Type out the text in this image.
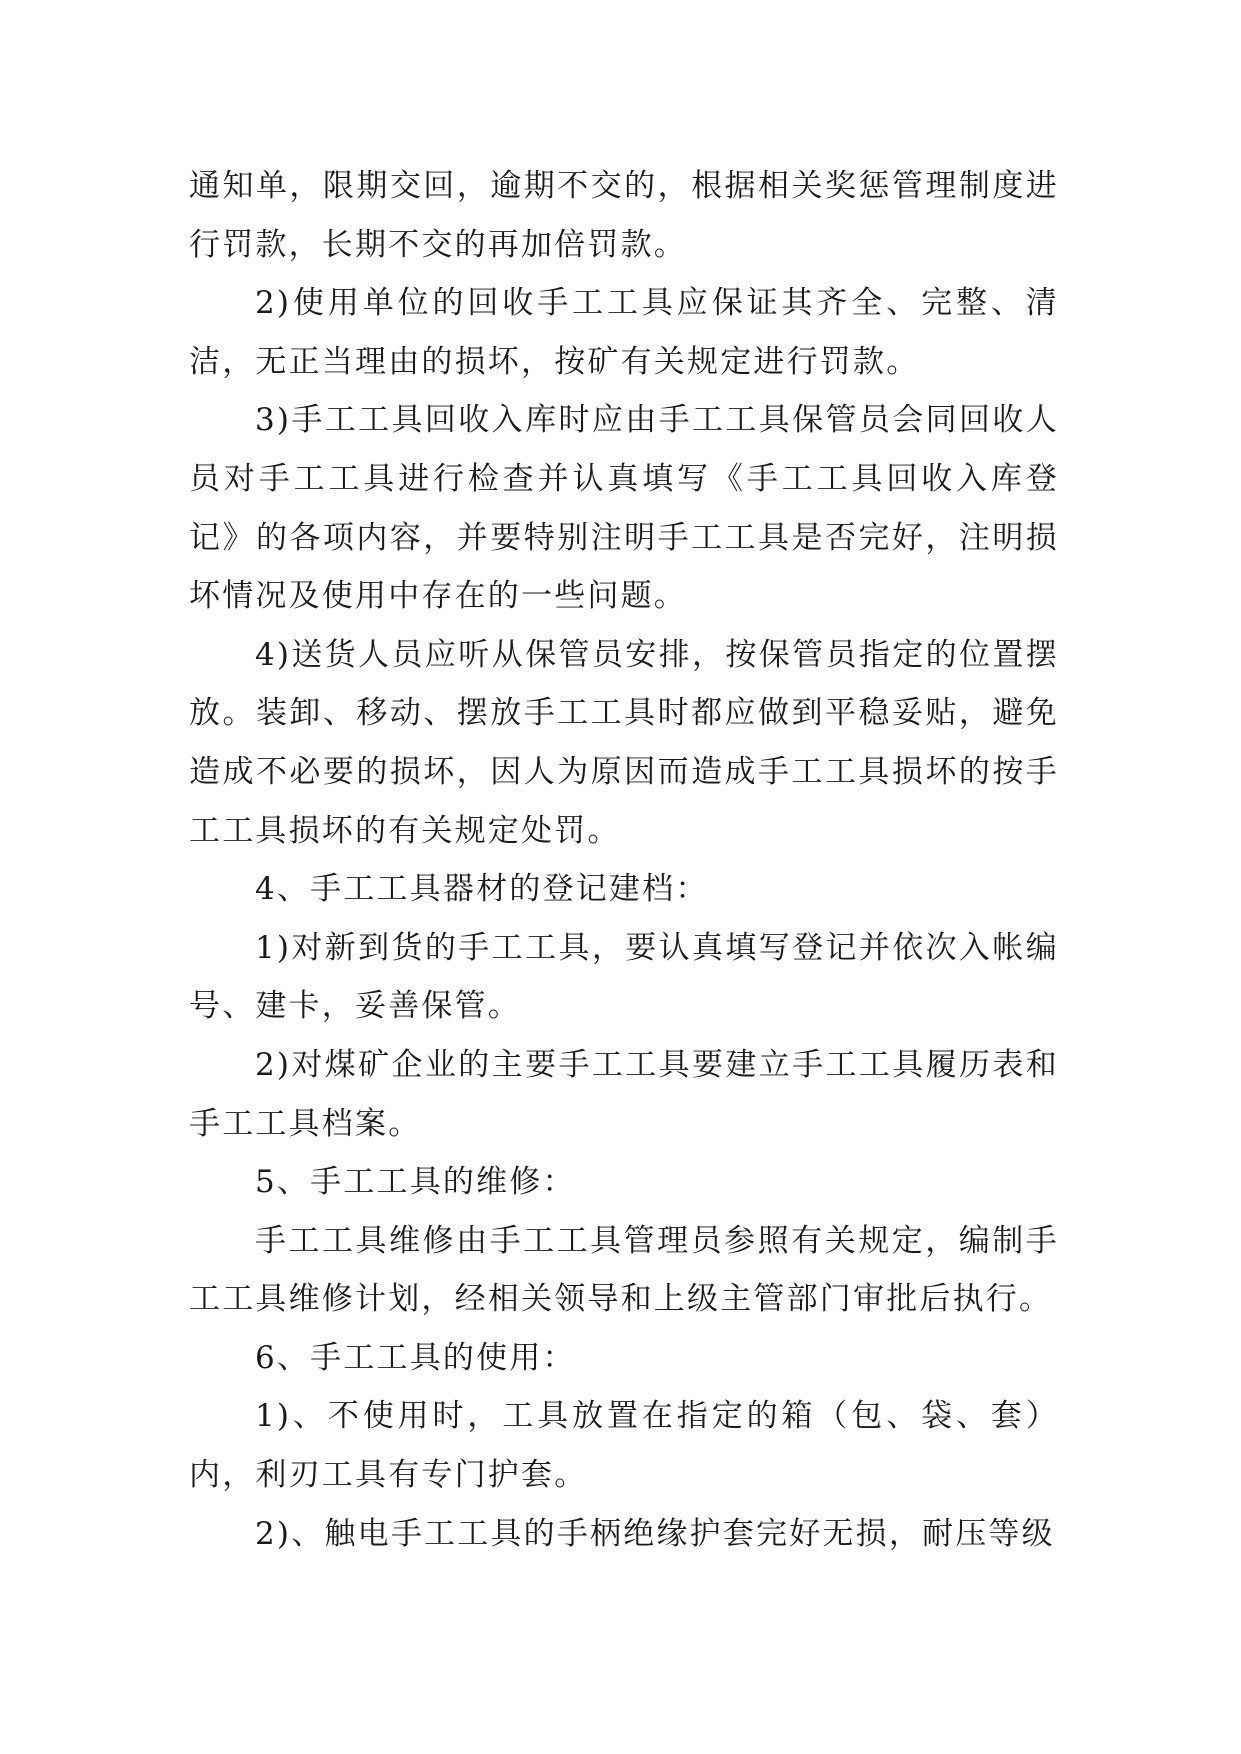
通知单，限期交回，逾期不交的，根据相关奖惩管理制度进行罚款，长期不交的再加倍罚款。

2)使用单位的回收手工工具应保证其齐全、完整、清洁，无正当理由的损坏，按矿有关规定进行罚款。

3)手工工具回收入库时应由手工工具保管员会同回收人员对手工工具进行检查并认真填写《手工工具回收入库登记》的各项内容，并要特别注明手工工具是否完好，注明损坏情况及使用中存在的一些问题。

4)送货人员应听从保管员安排，按保管员指定的位置摆放。装卸、移动、摆放手工工具时都应做到平稳妥贴，避免造成不必要的损坏，因人为原因而造成手工工具损坏的按手工工具损坏的有关规定处罚。

4、手工工具器材的登记建档：

1)对新到货的手工工具，要认真填写登记并依次入帐编号、建卡，妥善保管。

2)对煤矿企业的主要手工工具要建立手工工具履历表和手工工具档案。

5、手工工具的维修：

手工工具维修由手工工具管理员参照有关规定，编制手工工具维修计划，经相关领导和上级主管部门审批后执行。

6、手工工具的使用：

1)、不使用时，工具放置在指定的箱（包、袋、套）内，利刃工具有专门护套。

2)、触电手工工具的手柄绝缘护套完好无损，耐压等级
